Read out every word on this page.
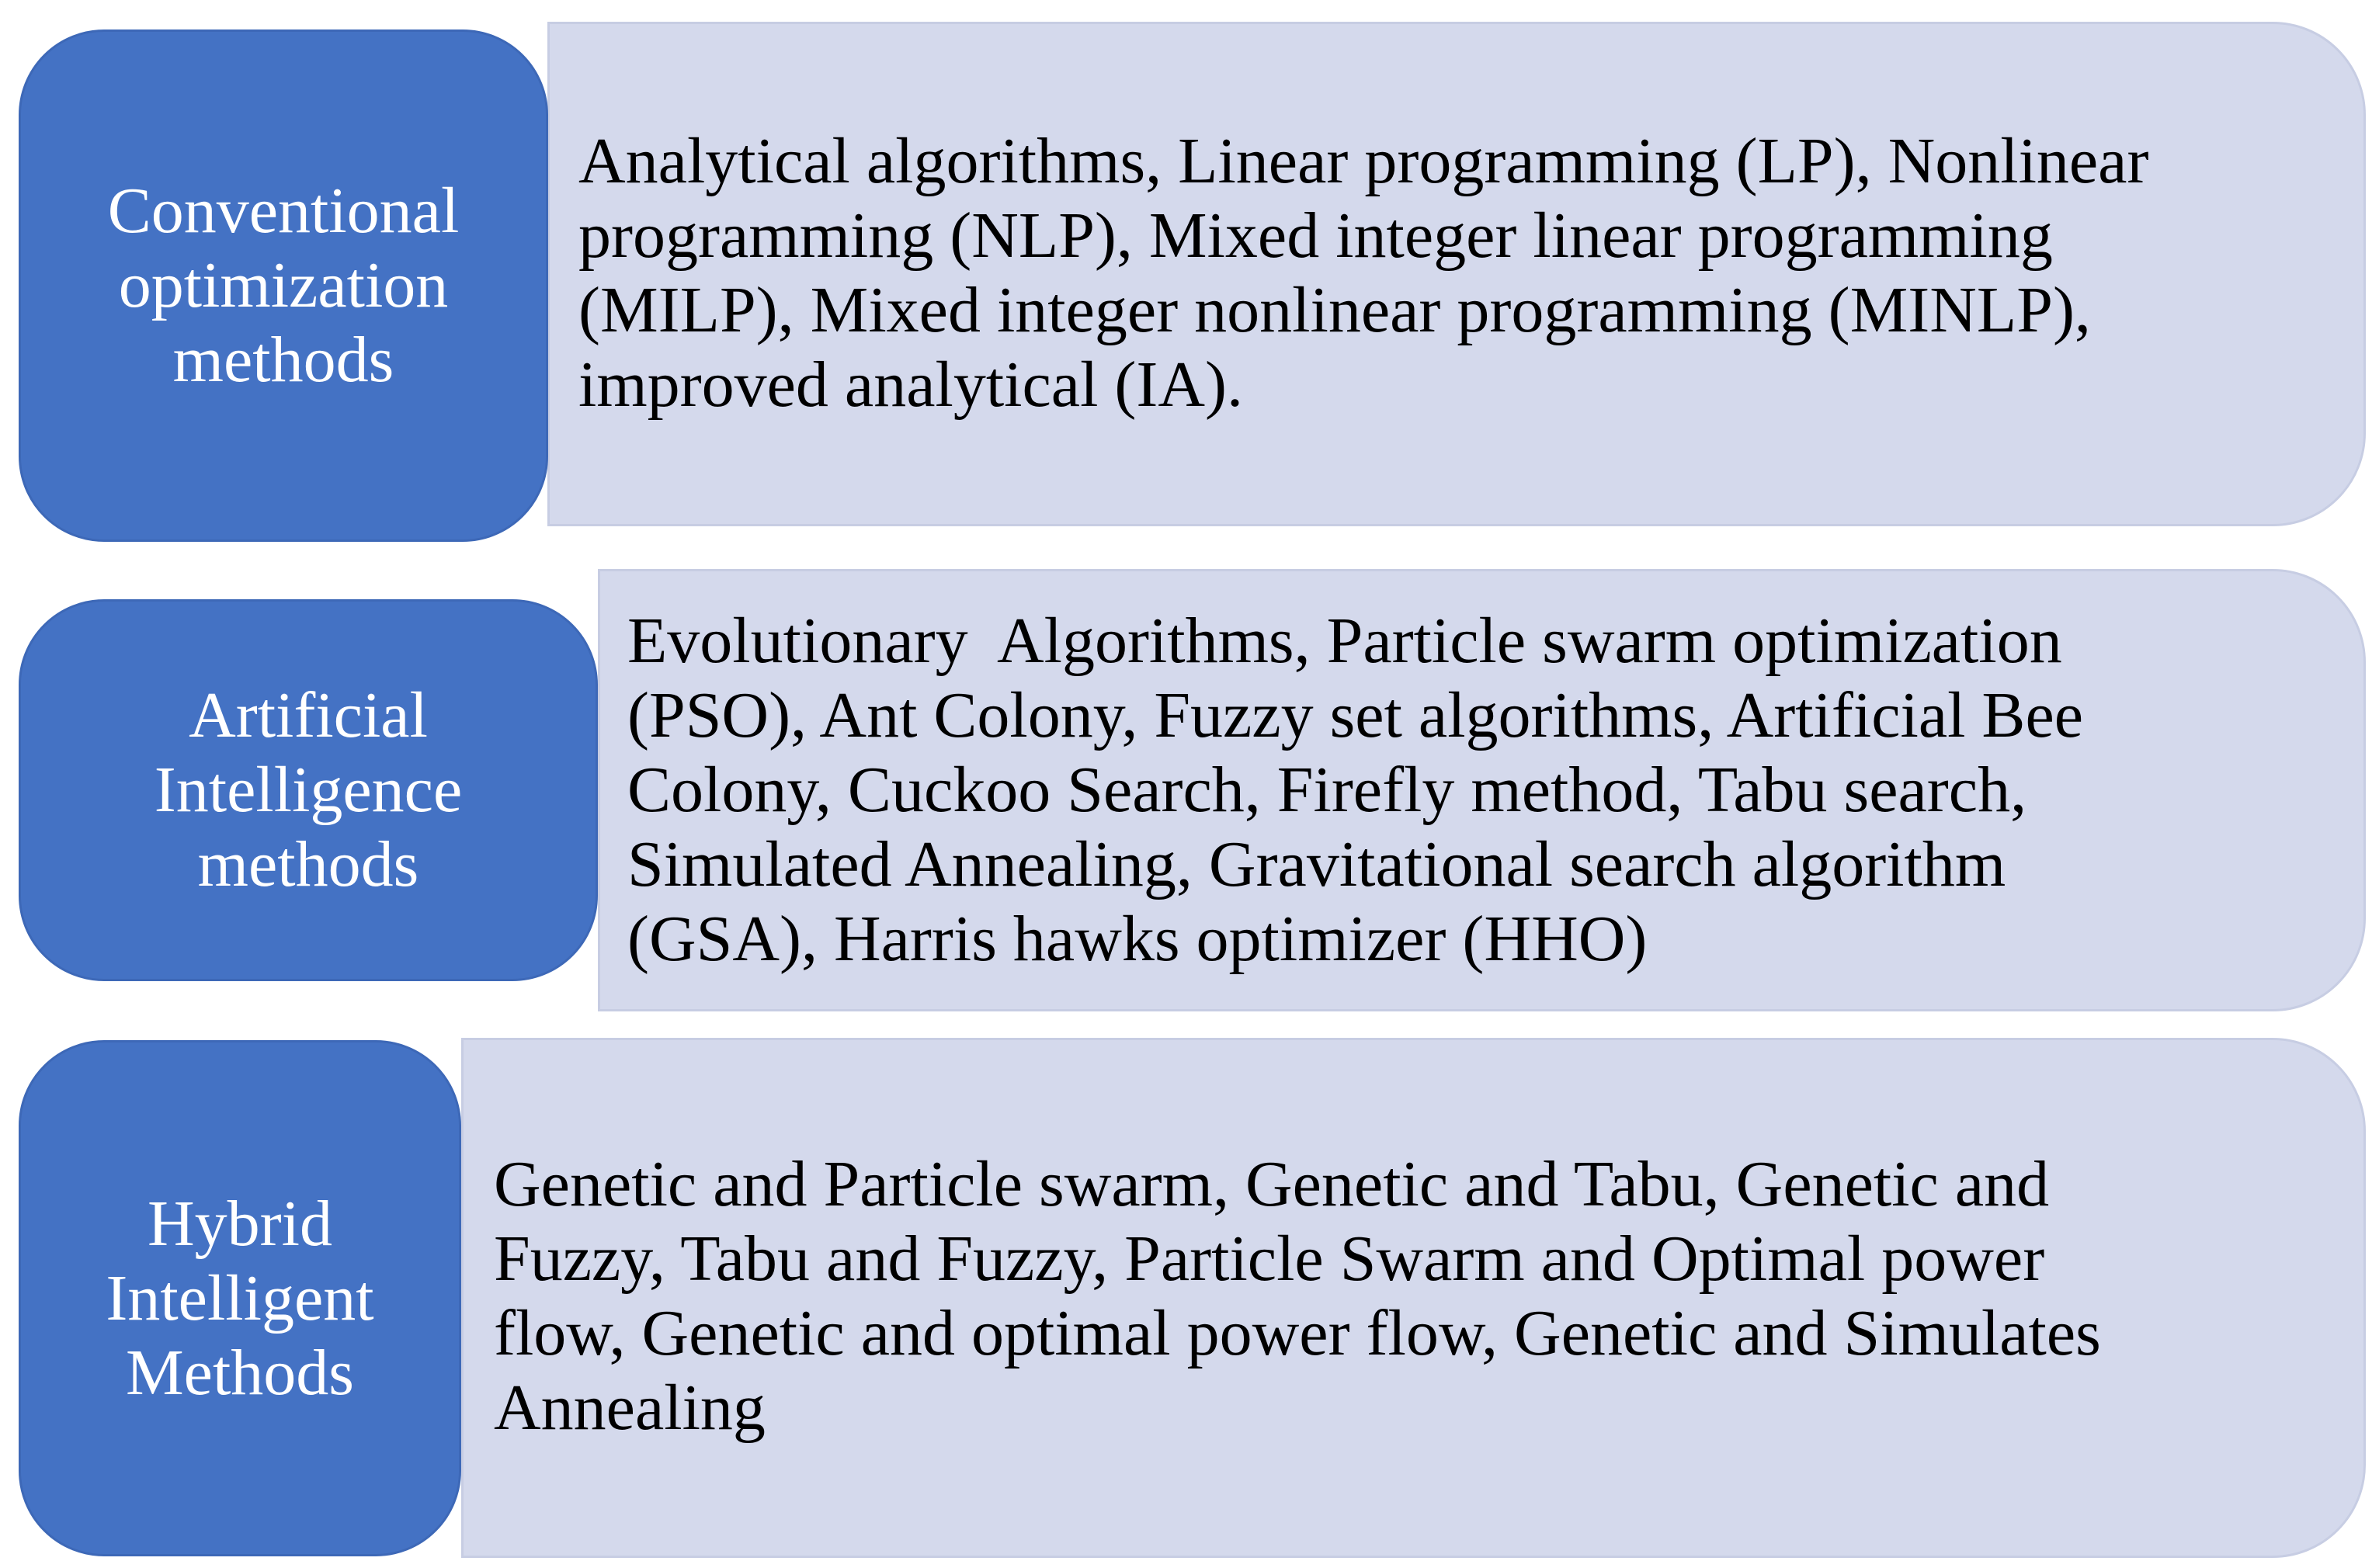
Analytical algorithms, Linear programming (LP), Nonlinear
programming (NLP), Mixed integer linear programming
(MILP), Mixed integer nonlinear programming (MINLP),
improved analytical (IA).
Conventional
optimization
methods
Evolutionary  Algorithms, Particle swarm optimization
(PSO), Ant Colony, Fuzzy set algorithms, Artificial Bee
Colony, Cuckoo Search, Firefly method, Tabu search,
Simulated Annealing, Gravitational search algorithm
(GSA), Harris hawks optimizer (HHO)
Artificial
Intelligence
methods
Genetic and Particle swarm, Genetic and Tabu, Genetic and
Fuzzy, Tabu and Fuzzy, Particle Swarm and Optimal power
flow, Genetic and optimal power flow, Genetic and Simulates
Annealing
Hybrid
Intelligent
Methods
